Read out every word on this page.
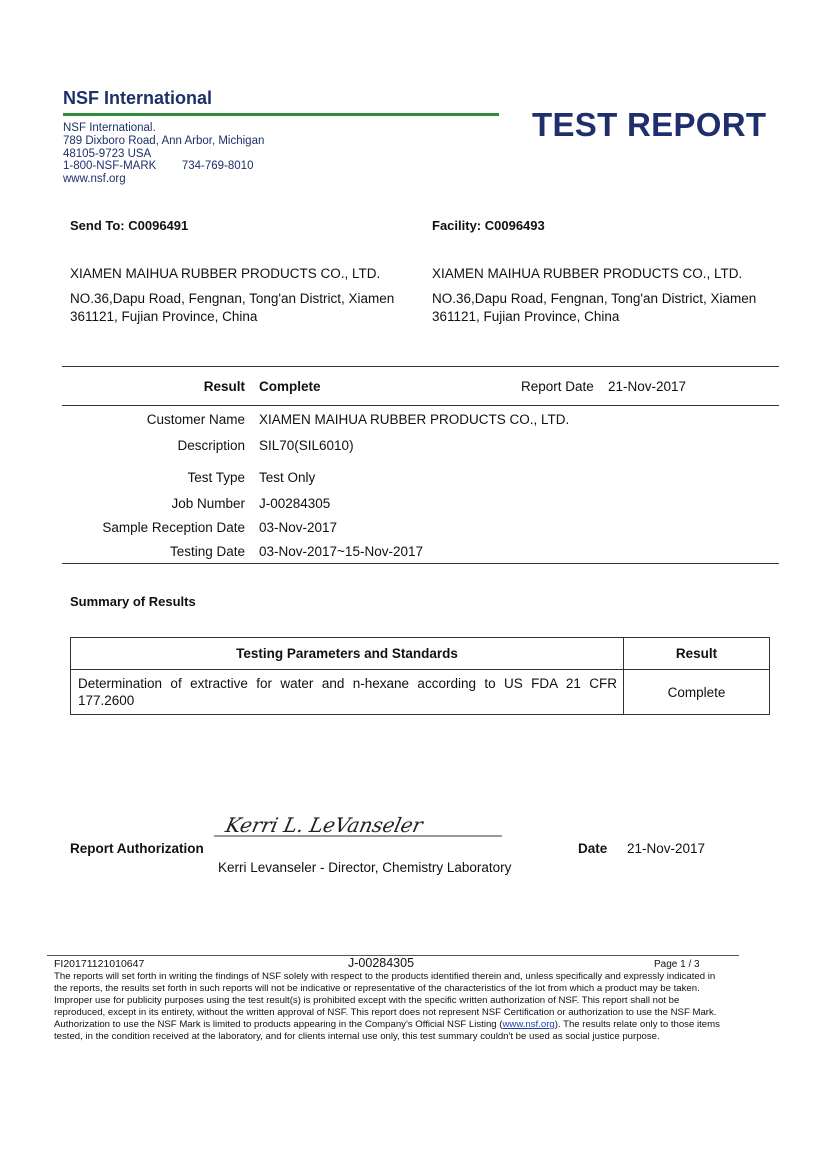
NSF International
NSF International.
789 Dixboro Road, Ann Arbor, Michigan
48105-9723 USA
1-800-NSF-MARK        734-769-8010
www.nsf.org
TEST REPORT
Send To: C0096491
XIAMEN MAIHUA RUBBER PRODUCTS CO., LTD.
NO.36,Dapu Road, Fengnan, Tong'an District, Xiamen
361121, Fujian Province, China
Facility: C0096493
XIAMEN MAIHUA RUBBER PRODUCTS CO., LTD.
NO.36,Dapu Road, Fengnan, Tong'an District, Xiamen
361121, Fujian Province, China
Result Complete	Report Date 21-Nov-2017
Customer Name XIAMEN MAIHUA RUBBER PRODUCTS CO., LTD.
Description SIL70(SIL6010)
Test Type Test Only
Job Number J-00284305
Sample Reception Date 03-Nov-2017
Testing Date 03-Nov-2017~15-Nov-2017
Summary of Results
Testing Parameters and Standards	Result
Determination of extractive for water and n-hexane according to US FDA 21 CFR 177.2600	Complete
Report Authorization
Kerri L. LeVanseler
Kerri Levanseler - Director, Chemistry Laboratory
Date 21-Nov-2017
FI20171121010647	J-00284305	Page 1 / 3
The reports will set forth in writing the findings of NSF solely with respect to the products identified therein and, unless specifically and expressly indicated in the reports, the results set forth in such reports will not be indicative or representative of the characteristics of the lot from which a product may be taken. Improper use for publicity purposes using the test result(s) is prohibited except with the specific written authorization of NSF. This report shall not be reproduced, except in its entirety, without the written approval of NSF. This report does not represent NSF Certification or authorization to use the NSF Mark. Authorization to use the NSF Mark is limited to products appearing in the Company's Official NSF Listing (www.nsf.org). The results relate only to those items tested, in the condition received at the laboratory, and for clients internal use only, this test summary couldn't be used as social justice purpose.
